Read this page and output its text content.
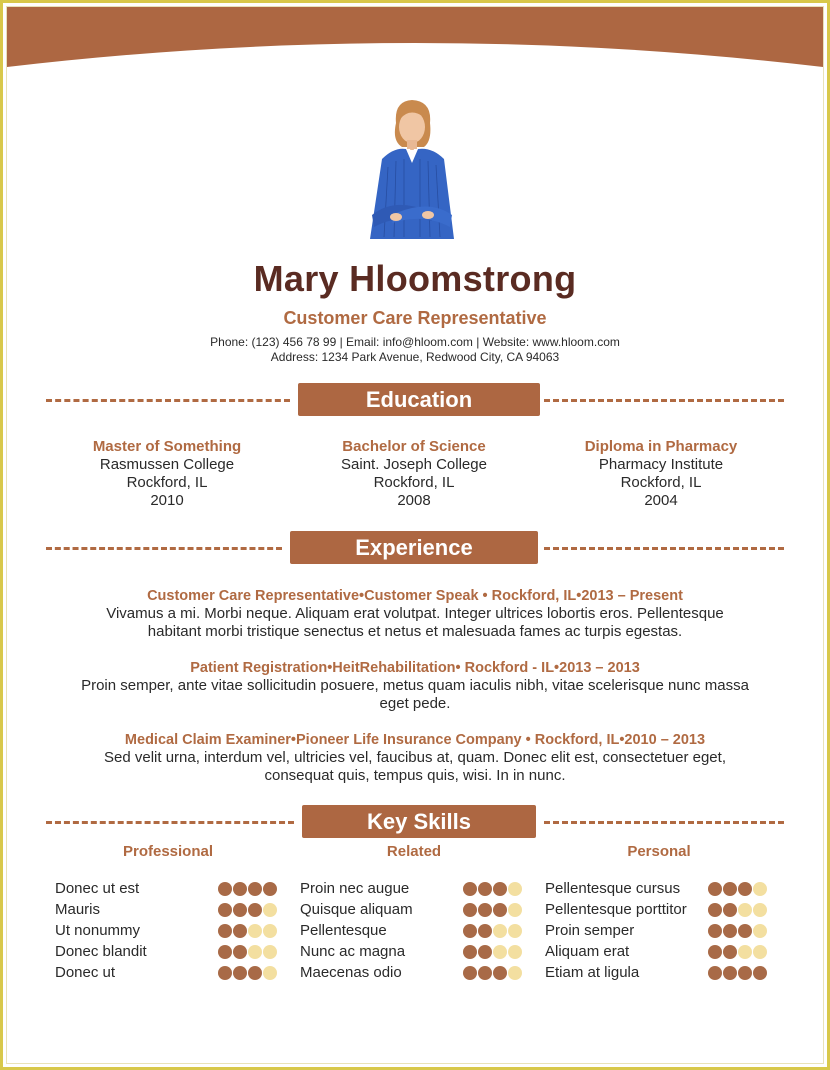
Mary Hloomstrong
Customer Care Representative
Phone: (123) 456 78 99 | Email: info@hloom.com | Website: www.hloom.com
Address: 1234 Park Avenue, Redwood City, CA 94063
Education
Master of Something
Rasmussen College
Rockford, IL
2010
Bachelor of Science
Saint. Joseph College
Rockford, IL
2008
Diploma in Pharmacy
Pharmacy Institute
Rockford, IL
2004
Experience
Customer Care Representative•Customer Speak • Rockford, IL•2013 – Present
Vivamus a mi. Morbi neque. Aliquam erat volutpat. Integer ultrices lobortis eros. Pellentesque
habitant morbi tristique senectus et netus et malesuada fames ac turpis egestas.
Patient Registration•HeitRehabilitation• Rockford - IL•2013 – 2013
Proin semper, ante vitae sollicitudin posuere, metus quam iaculis nibh, vitae scelerisque nunc massa
eget pede.
Medical Claim Examiner•Pioneer Life Insurance Company • Rockford, IL•2010 – 2013
Sed velit urna, interdum vel, ultricies vel, faucibus at, quam. Donec elit est, consectetuer eget,
consequat quis, tempus quis, wisi. In in nunc.
Key Skills
Professional	Related	Personal
Donec ut est
Mauris
Ut nonummy
Donec blandit
Donec ut
Proin nec augue
Quisque aliquam
Pellentesque
Nunc ac magna
Maecenas odio
Pellentesque cursus
Pellentesque porttitor
Proin semper
Aliquam erat
Etiam at ligula
